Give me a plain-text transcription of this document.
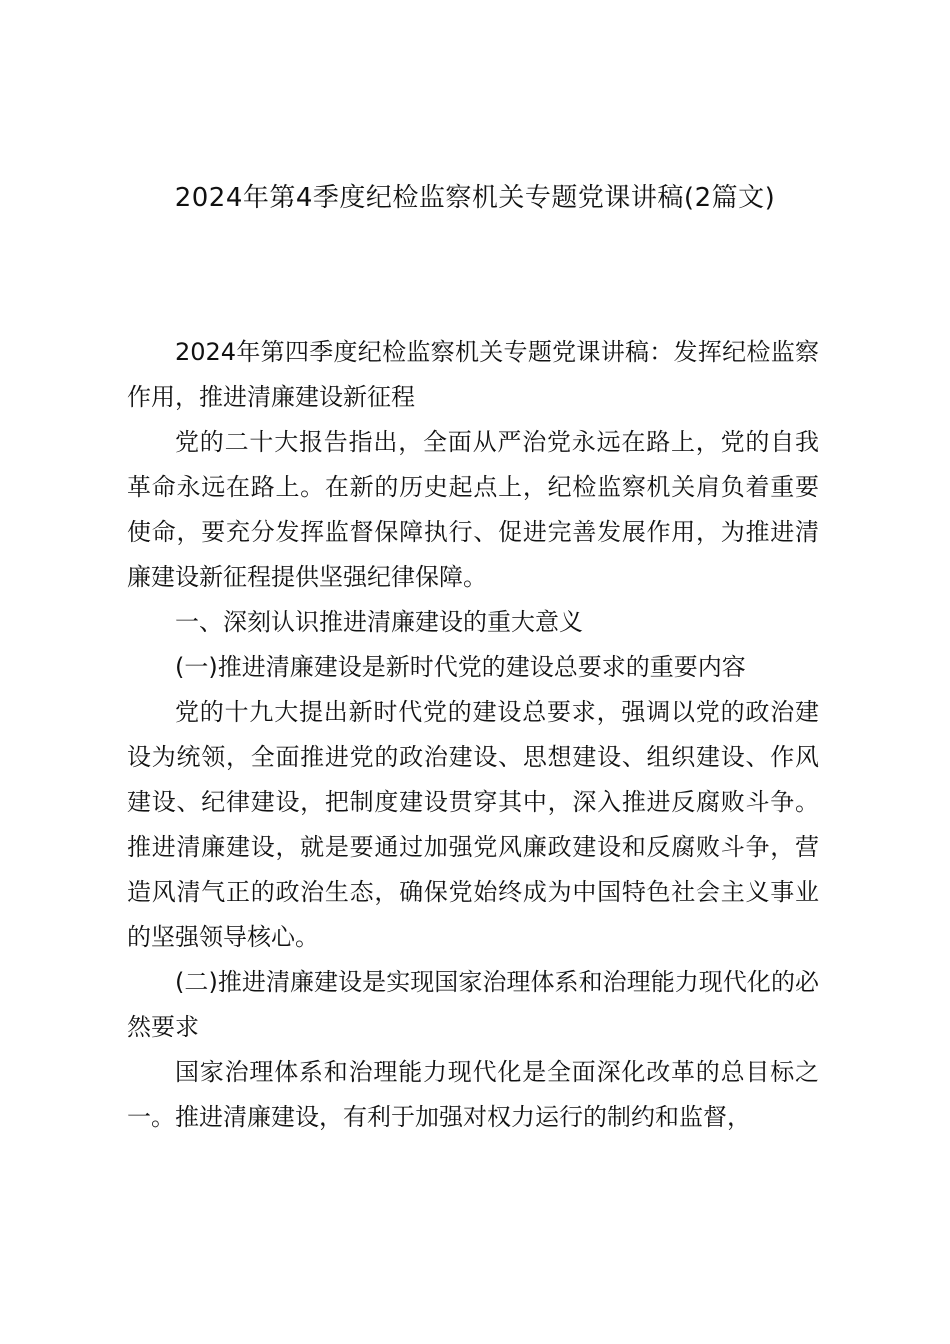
2024年第4季度纪检监察机关专题党课讲稿(2篇文)

2024年第四季度纪检监察机关专题党课讲稿：发挥纪检监察作用，推进清廉建设新征程

党的二十大报告指出，全面从严治党永远在路上，党的自我革命永远在路上。在新的历史起点上，纪检监察机关肩负着重要使命，要充分发挥监督保障执行、促进完善发展作用，为推进清廉建设新征程提供坚强纪律保障。

一、深刻认识推进清廉建设的重大意义

(一)推进清廉建设是新时代党的建设总要求的重要内容

党的十九大提出新时代党的建设总要求，强调以党的政治建设为统领，全面推进党的政治建设、思想建设、组织建设、作风建设、纪律建设，把制度建设贯穿其中，深入推进反腐败斗争。推进清廉建设，就是要通过加强党风廉政建设和反腐败斗争，营造风清气正的政治生态，确保党始终成为中国特色社会主义事业的坚强领导核心。

(二)推进清廉建设是实现国家治理体系和治理能力现代化的必然要求

国家治理体系和治理能力现代化是全面深化改革的总目标之一。推进清廉建设，有利于加强对权力运行的制约和监督，
